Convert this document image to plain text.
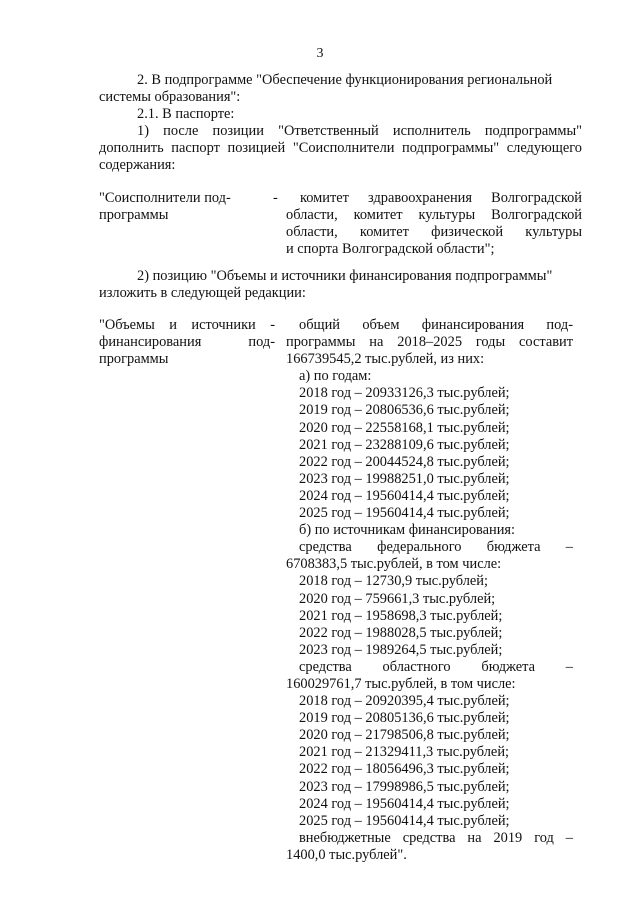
3
2. В подпрограмме "Обеспечение функционирования региональной
системы образования":
2.1. В паспорте:
1) после позиции "Ответственный исполнитель подпрограммы"
дополнить паспорт позицией "Соисполнители подпрограммы" следующего
содержания:
"Соисполнители под-
программы
-	комитет здравоохранения Волгоградской
области, комитет культуры Волгоградской
области, комитет физической культуры
и спорта Волгоградской области";
2) позицию "Объемы и источники финансирования подпрограммы"
изложить в следующей редакции:
"Объемы и источники -
финансирования под-
программы
общий объем финансирования под-
программы на 2018–2025 годы составит
166739545,2 тыс.рублей, из них:
а) по годам:
2018 год – 20933126,3 тыс.рублей;
2019 год – 20806536,6 тыс.рублей;
2020 год – 22558168,1 тыс.рублей;
2021 год – 23288109,6 тыс.рублей;
2022 год – 20044524,8 тыс.рублей;
2023 год – 19988251,0 тыс.рублей;
2024 год – 19560414,4 тыс.рублей;
2025 год – 19560414,4 тыс.рублей;
б) по источникам финансирования:
средства федерального бюджета –
6708383,5 тыс.рублей, в том числе:
2018 год – 12730,9 тыс.рублей;
2020 год – 759661,3 тыс.рублей;
2021 год – 1958698,3 тыс.рублей;
2022 год – 1988028,5 тыс.рублей;
2023 год – 1989264,5 тыс.рублей;
средства областного бюджета –
160029761,7 тыс.рублей, в том числе:
2018 год – 20920395,4 тыс.рублей;
2019 год – 20805136,6 тыс.рублей;
2020 год – 21798506,8 тыс.рублей;
2021 год – 21329411,3 тыс.рублей;
2022 год – 18056496,3 тыс.рублей;
2023 год – 17998986,5 тыс.рублей;
2024 год – 19560414,4 тыс.рублей;
2025 год – 19560414,4 тыс.рублей;
внебюджетные средства на 2019 год –
1400,0 тыс.рублей".
